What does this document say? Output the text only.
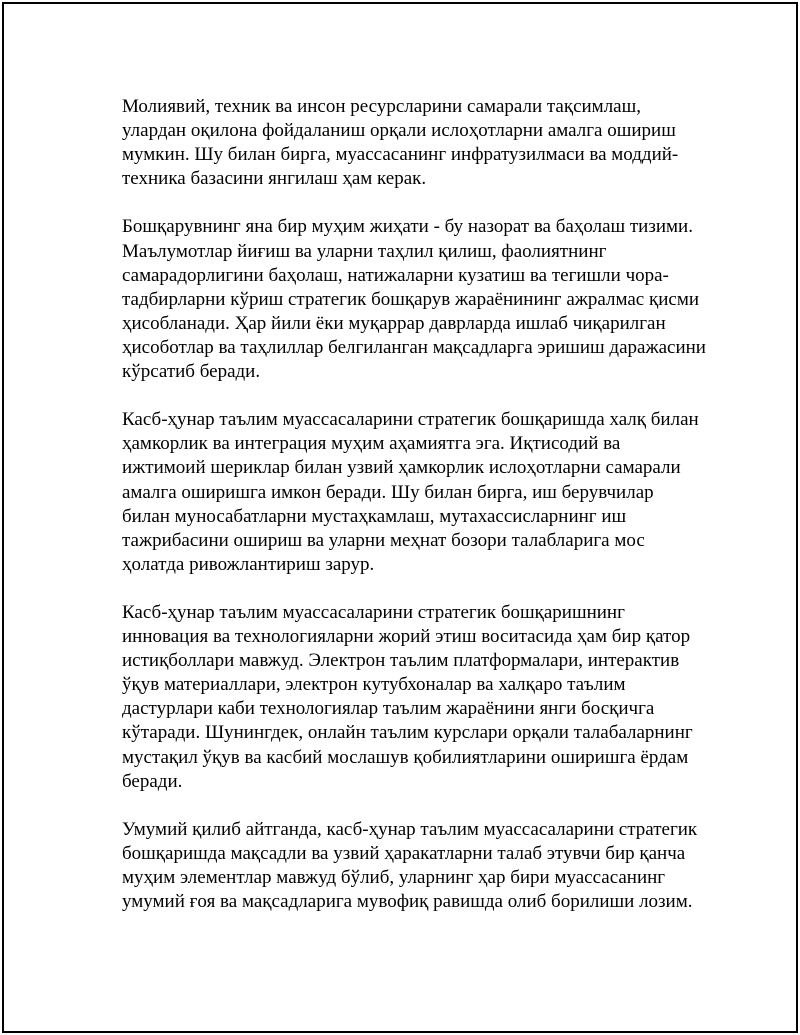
Молиявий, техник ва инсон ресурсларини самарали тақсимлаш,
улардан оқилона фойдаланиш орқали ислоҳотларни амалга ошириш
мумкин. Шу билан бирга, муассасанинг инфратузилмаси ва моддий-
техника базасини янгилаш ҳам керак.
Бошқарувнинг яна бир муҳим жиҳати - бу назорат ва баҳолаш тизими.
Маълумотлар йиғиш ва уларни таҳлил қилиш, фаолиятнинг
самарадорлигини баҳолаш, натижаларни кузатиш ва тегишли чора-
тадбирларни кўриш стратегик бошқарув жараёнининг ажралмас қисми
ҳисобланади. Ҳар йили ёки муқаррар даврларда ишлаб чиқарилган
ҳисоботлар ва таҳлиллар белгиланган мақсадларга эришиш даражасини
кўрсатиб беради.
Касб-ҳунар таълим муассасаларини стратегик бошқаришда халқ билан
ҳамкорлик ва интеграция муҳим аҳамиятга эга. Иқтисодий ва
ижтимоий шериклар билан узвий ҳамкорлик ислоҳотларни самарали
амалга оширишга имкон беради. Шу билан бирга, иш берувчилар
билан муносабатларни мустаҳкамлаш, мутахассисларнинг иш
тажрибасини ошириш ва уларни меҳнат бозори талабларига мос
ҳолатда ривожлантириш зарур.
Касб-ҳунар таълим муассасаларини стратегик бошқаришнинг
инновация ва технологияларни жорий этиш воситасида ҳам бир қатор
истиқболлари мавжуд. Электрон таълим платформалари, интерактив
ўқув материаллари, электрон кутубхоналар ва халқаро таълим
дастурлари каби технологиялар таълим жараёнини янги босқичга
кўтаради. Шунингдек, онлайн таълим курслари орқали талабаларнинг
мустақил ўқув ва касбий мослашув қобилиятларини оширишга ёрдам
беради.
Умумий қилиб айтганда, касб-ҳунар таълим муассасаларини стратегик
бошқаришда мақсадли ва узвий ҳаракатларни талаб этувчи бир қанча
муҳим элементлар мавжуд бўлиб, уларнинг ҳар бири муассасанинг
умумий ғоя ва мақсадларига мувофиқ равишда олиб борилиши лозим.
